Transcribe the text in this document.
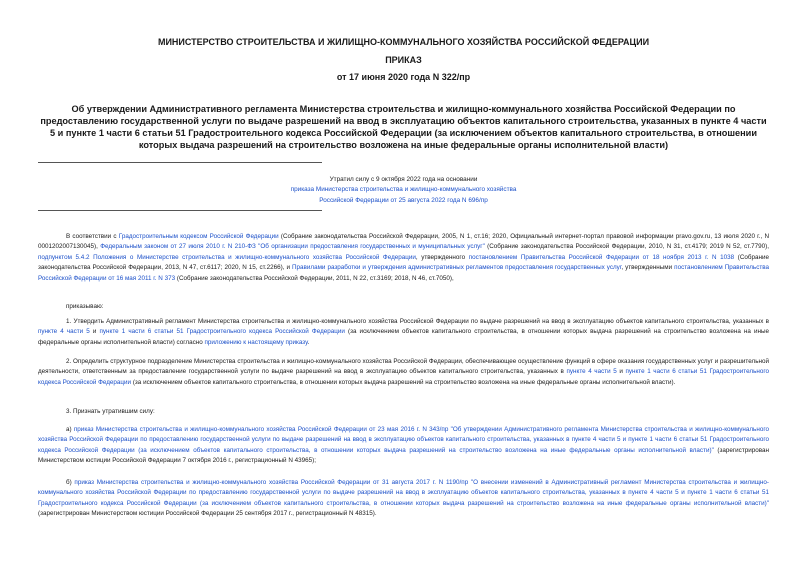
МИНИСТЕРСТВО СТРОИТЕЛЬСТВА И ЖИЛИЩНО-КОММУНАЛЬНОГО ХОЗЯЙСТВА РОССИЙСКОЙ ФЕДЕРАЦИИ
ПРИКАЗ
от 17 июня 2020 года N 322/пр
Об утверждении Административного регламента Министерства строительства и жилищно-коммунального хозяйства Российской Федерации по предоставлению государственной услуги по выдаче разрешений на ввод в эксплуатацию объектов капитального строительства, указанных в пункте 4 части 5 и пункте 1 части 6 статьи 51 Градостроительного кодекса Российской Федерации (за исключением объектов капитального строительства, в отношении которых выдача разрешений на строительство возложена на иные федеральные органы исполнительной власти)
Утратил силу с 9 октября 2022 года на основании
приказа Министерства строительства и жилищно-коммунального хозяйства
Российской Федерации от 25 августа 2022 года N 696/пр
В соответствии с Градостроительным кодексом Российской Федерации (Собрание законодательства Российской Федерации, 2005, N 1, ст.16; 2020, Официальный интернет-портал правовой информации pravo.gov.ru, 13 июля 2020 г., N 0001202007130045), Федеральным законом от 27 июля 2010 г. N 210-ФЗ "Об организации предоставления государственных и муниципальных услуг" (Собрание законодательства Российской Федерации, 2010, N 31, ст.4179; 2019 N 52, ст.7790), подпунктом 5.4.2 Положения о Министерстве строительства и жилищно-коммунального хозяйства Российской Федерации, утвержденного постановлением Правительства Российской Федерации от 18 ноября 2013 г. N 1038 (Собрание законодательства Российской Федерации, 2013, N 47, ст.6117; 2020, N 15, ст.2266), и Правилами разработки и утверждения административных регламентов предоставления государственных услуг, утвержденными постановлением Правительства Российской Федерации от 16 мая 2011 г. N 373 (Собрание законодательства Российской Федерации, 2011, N 22, ст.3169; 2018, N 46, ст.7050),
приказываю:
1. Утвердить Административный регламент Министерства строительства и жилищно-коммунального хозяйства Российской Федерации по выдаче разрешений на ввод в эксплуатацию объектов капитального строительства, указанных в пункте 4 части 5 и пункте 1 части 6 статьи 51 Градостроительного кодекса Российской Федерации (за исключением объектов капитального строительства, в отношении которых выдача разрешений на строительство возложена на иные федеральные органы исполнительной власти) согласно приложению к настоящему приказу.
2. Определить структурное подразделение Министерства строительства и жилищно-коммунального хозяйства Российской Федерации, обеспечивающее осуществление функций в сфере оказания государственных услуг и разрешительной деятельности, ответственным за предоставление государственной услуги по выдаче разрешений на ввод в эксплуатацию объектов капитального строительства, указанных в пункте 4 части 5 и пункте 1 части 6 статьи 51 Градостроительного кодекса Российской Федерации (за исключением объектов капитального строительства, в отношении которых выдача разрешений на строительство возложена на иные федеральные органы исполнительной власти).
3. Признать утратившим силу:
а) приказ Министерства строительства и жилищно-коммунального хозяйства Российской Федерации от 23 мая 2016 г. N 343/пр "Об утверждении Административного регламента Министерства строительства и жилищно-коммунального хозяйства Российской Федерации по предоставлению государственной услуги по выдаче разрешений на ввод в эксплуатацию объектов капитального строительства, указанных в пункте 4 части 5 и пункте 1 части 6 статьи 51 Градостроительного кодекса Российской Федерации (за исключением объектов капитального строительства, в отношении которых выдача разрешений на строительство возложена на иные федеральные органы исполнительной власти)" (зарегистрирован Министерством юстиции Российской Федерации 7 октября 2016 г., регистрационный N 43965);
б) приказ Министерства строительства и жилищно-коммунального хозяйства Российской Федерации от 31 августа 2017 г. N 1190/пр "О внесении изменений в Административный регламент Министерства строительства и жилищно-коммунального хозяйства Российской Федерации по предоставлению государственной услуги по выдаче разрешений на ввод в эксплуатацию объектов капитального строительства, указанных в пункте 4 части 5 и пункте 1 части 6 статьи 51 Градостроительного кодекса Российской Федерации (за исключением объектов капитального строительства, в отношении которых выдача разрешений на строительство возложена на иные федеральные органы исполнительной власти)" (зарегистрирован Министерством юстиции Российской Федерации 25 сентября 2017 г., регистрационный N 48315).
